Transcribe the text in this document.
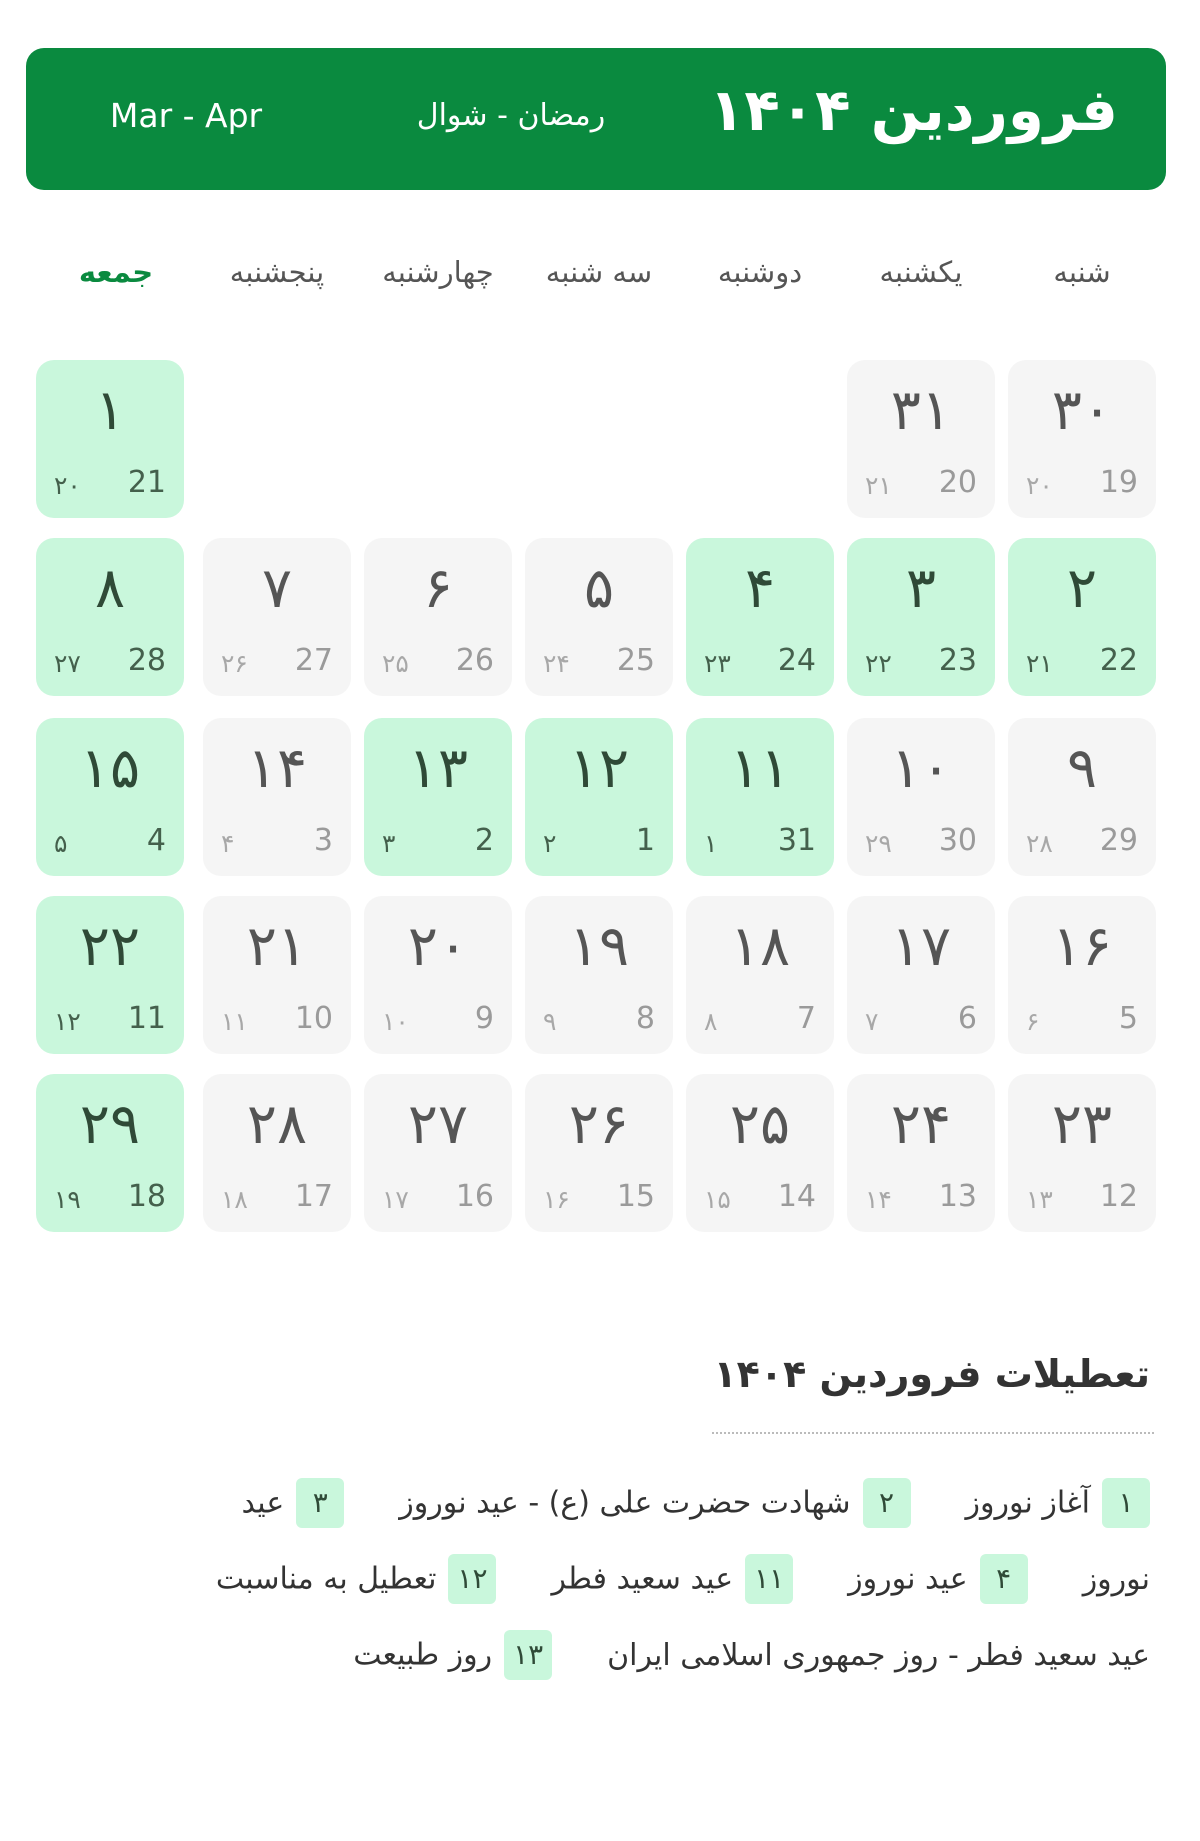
فروردین ۱۴۰۴
رمضان - شوال
Mar - Apr
شنبه
یکشنبه
دوشنبه
سه شنبه
چهارشنبه
پنجشنبه
جمعه
۳۰
19
۲۰
۳۱
20
۲۱
۱
21
۲۰
۲
22
۲۱
۳
23
۲۲
۴
24
۲۳
۵
25
۲۴
۶
26
۲۵
۷
27
۲۶
۸
28
۲۷
۹
29
۲۸
۱۰
30
۲۹
۱۱
31
۱
۱۲
1
۲
۱۳
2
۳
۱۴
3
۴
۱۵
4
۵
۱۶
5
۶
۱۷
6
۷
۱۸
7
۸
۱۹
8
۹
۲۰
9
۱۰
۲۱
10
۱۱
۲۲
11
۱۲
۲۳
12
۱۳
۲۴
13
۱۴
۲۵
14
۱۵
۲۶
15
۱۶
۲۷
16
۱۷
۲۸
17
۱۸
۲۹
18
۱۹
تعطیلات فروردین ۱۴۰۴
۱آغاز نوروز۲شهادت حضرت علی (ع) - عید نوروز۳عید
نوروز۴عید نوروز۱۱عید سعید فطر۱۲تعطیل به مناسبت
عید سعید فطر - روز جمهوری اسلامی ایران۱۳روز طبیعت
